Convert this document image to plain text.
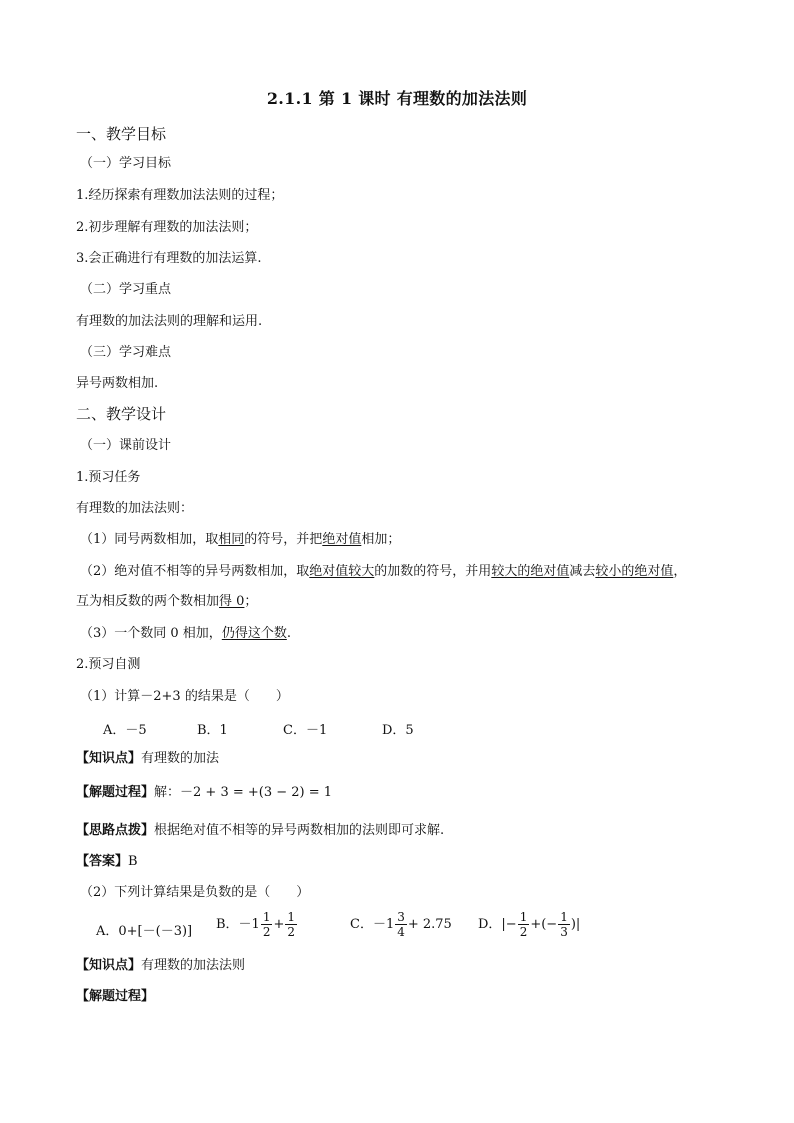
2.1.1 第 1 课时 有理数的加法法则
一、教学目标
（一）学习目标
1.经历探索有理数加法法则的过程；
2.初步理解有理数的加法法则；
3.会正确进行有理数的加法运算.
（二）学习重点
有理数的加法法则的理解和运用.
（三）学习难点
异号两数相加.
二、教学设计
（一）课前设计
1.预习任务
有理数的加法法则：
（1）同号两数相加，取相同的符号，并把绝对值相加；
（2）绝对值不相等的异号两数相加，取绝对值较大的加数的符号，并用较大的绝对值减去较小的绝对值，
互为相反数的两个数相加得 0；
（3）一个数同 0 相加，仍得这个数.
2.预习自测
（1）计算－2+3 的结果是（　　）
A．－5	B．1	C．－1	D．5
【知识点】有理数的加法
【解题过程】解：－2 + 3 = +(3 − 2) = 1
【思路点拨】根据绝对值不相等的异号两数相加的法则即可求解.
【答案】B
（2）下列计算结果是负数的是（　　）
A．0+[－(－3)] B．$-1 \frac{1}{2} + \frac{1}{2}$	C．$-1 \frac{3}{4} + 2.75$ D．|− $\frac{1}{2}$ +(− $\frac{1}{3}$ )|
【知识点】有理数的加法法则
【解题过程】
